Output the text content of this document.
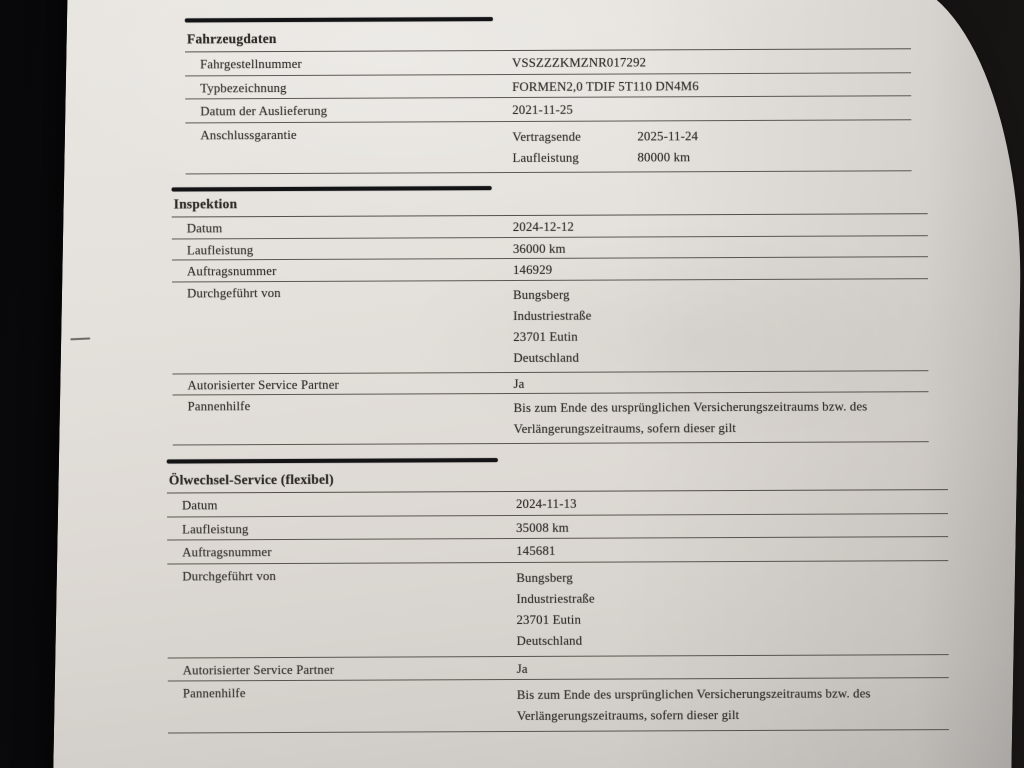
Fahrzeugdaten
Fahrgestellnummer	VSSZZZKMZNR017292
Typbezeichnung	FORMEN2,0 TDIF 5T110 DN4M6
Datum der Auslieferung	2021-11-25
Anschlussgarantie	Vertragsende	2025-11-24
Laufleistung	80000 km
Inspektion
Datum	2024-12-12
Laufleistung	36000 km
Auftragsnummer	146929
Durchgeführt von	Bungsberg
Industriestraße
23701 Eutin
Deutschland
Autorisierter Service Partner	Ja
Pannenhilfe	Bis zum Ende des ursprünglichen Versicherungszeitraums bzw. des
Verlängerungszeitraums, sofern dieser gilt
Ölwechsel-Service (flexibel)
Datum	2024-11-13
Laufleistung	35008 km
Auftragsnummer	145681
Durchgeführt von	Bungsberg
Industriestraße
23701 Eutin
Deutschland
Autorisierter Service Partner	Ja
Pannenhilfe	Bis zum Ende des ursprünglichen Versicherungszeitraums bzw. des
Verlängerungszeitraums, sofern dieser gilt
